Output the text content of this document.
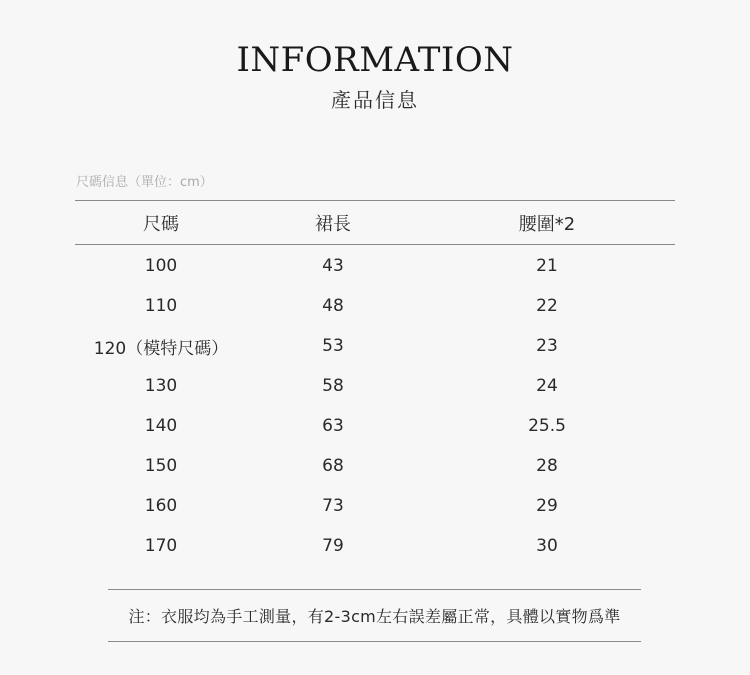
INFORMATION
產品信息
尺碼信息（單位：cm）
尺碼	裙長	腰圍*2
100	43	21
110	48	22
120（模特尺碼）	53	23
130	58	24
140	63	25.5
150	68	28
160	73	29
170	79	30
注：衣服均為手工測量，有2-3cm左右誤差屬正常，具體以實物爲準
